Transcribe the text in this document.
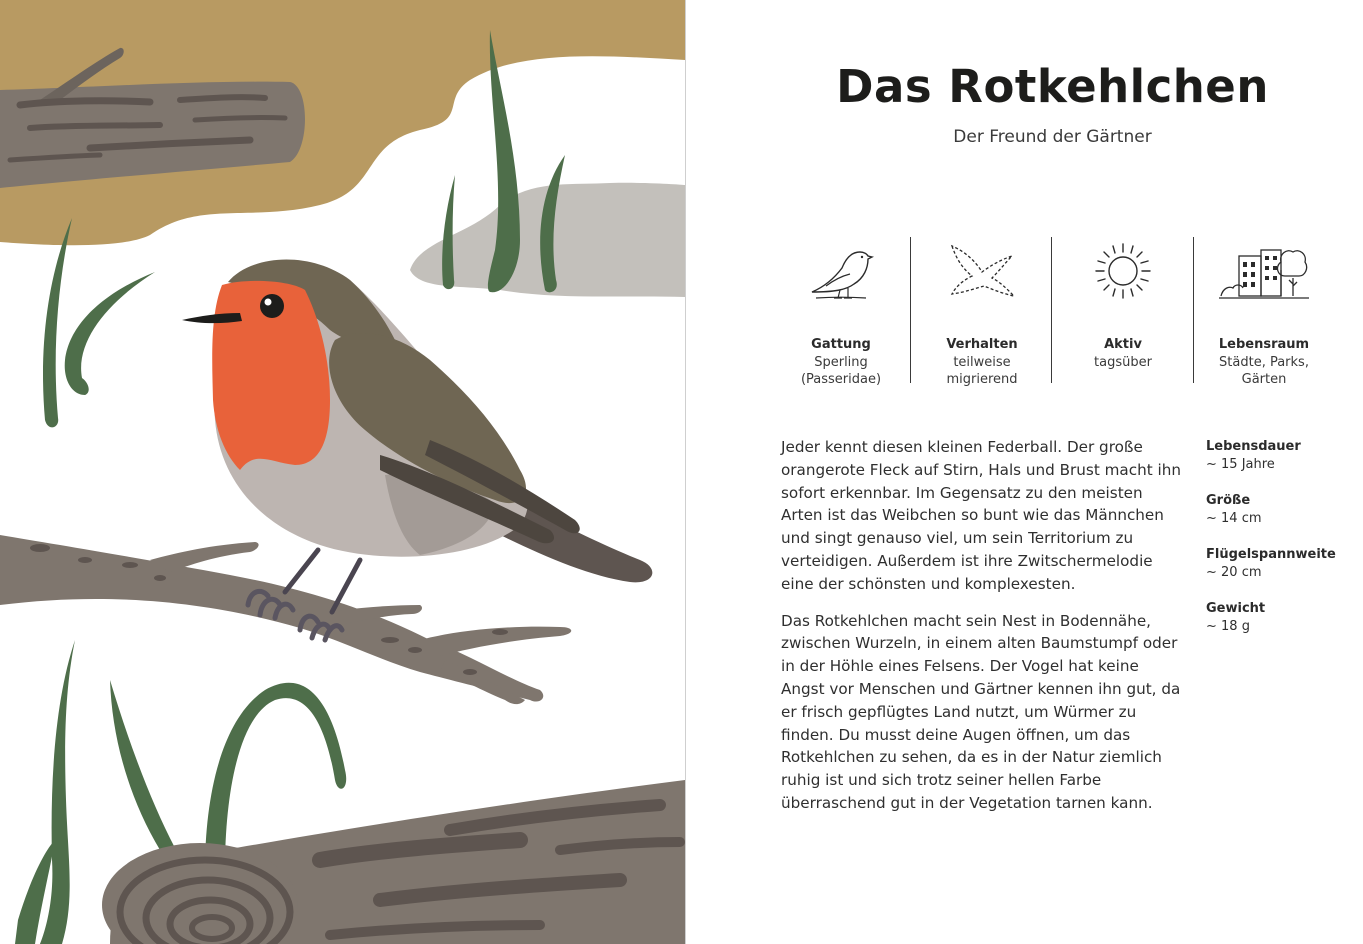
Das Rotkehlchen
Der Freund der Gärtner
Gattung
Sperling
(Passeridae)
Verhalten
teilweise
migrierend
Aktiv
tagsüber
Lebensraum
Städte, Parks,
Gärten

Jeder kennt diesen kleinen Federball. Der große orangerote Fleck auf Stirn, Hals und Brust macht ihn sofort erkennbar. Im Gegensatz zu den meisten Arten ist das Weibchen so bunt wie das Männchen und singt genauso viel, um sein Territorium zu verteidigen. Außerdem ist ihre Zwitschermelodie eine der schönsten und komplexesten.

Das Rotkehlchen macht sein Nest in Bodennähe, zwischen Wurzeln, in einem alten Baumstumpf oder in der Höhle eines Felsens. Der Vogel hat keine Angst vor Menschen und Gärtner kennen ihn gut, da er frisch gepflügtes Land nutzt, um Würmer zu finden. Du musst deine Augen öffnen, um das Rotkehlchen zu sehen, da es in der Natur ziemlich ruhig ist und sich trotz seiner hellen Farbe überraschend gut in der Vegetation tarnen kann.

Lebensdauer
~ 15 Jahre
Größe
~ 14 cm
Flügelspannweite
~ 20 cm
Gewicht
~ 18 g
